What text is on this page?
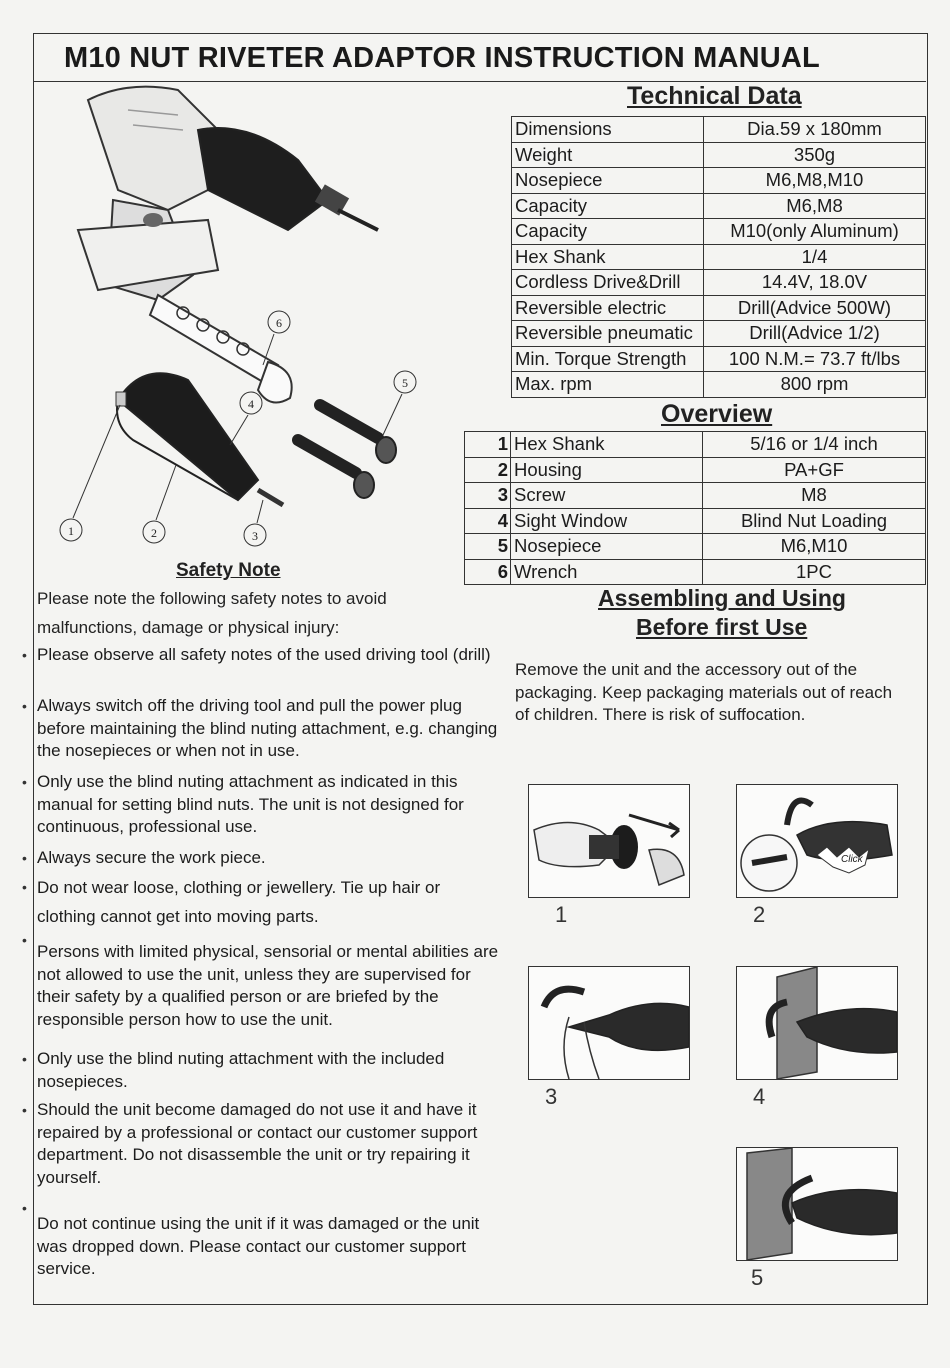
M10 NUT RIVETER ADAPTOR INSTRUCTION MANUAL
Technical Data
Dimensions	Dia.59 x 180mm
Weight	350g
Nosepiece	M6,M8,M10
Capacity	M6,M8
Capacity	M10(only Aluminum)
Hex Shank	1/4
Cordless Drive&Drill	14.4V, 18.0V
Reversible electric	Drill(Advice 500W)
Reversible pneumatic	Drill(Advice 1/2)
Min. Torque Strength	100 N.M.= 73.7 ft/lbs
Max. rpm	800 rpm
Overview
1	Hex Shank	5/16 or 1/4 inch
2	Housing	PA+GF
3	Screw	M8
4	Sight Window	Blind Nut Loading
5	Nosepiece	M6,M10
6	Wrench	1PC
Assembling and Using
Before first Use
Remove the unit and the accessory out of the packaging. Keep packaging materials out of reach of children. There is risk of suffocation.
1	2	3
4
5
6
Safety Note
Please note the following safety notes to avoid malfunctions, damage or physical injury:
• Please observe all safety notes of the used driving tool (drill)
• Always switch off the driving tool and pull the power plug before maintaining the blind nuting attachment, e.g. changing the nosepieces or when not in use.
• Only use the blind nuting attachment as indicated in this manual for setting blind nuts. The unit is not designed for continuous, professional use.
• Always secure the work piece.
• Do not wear loose, clothing or jewellery. Tie up hair or clothing cannot get into moving parts.
•
Persons with limited physical, sensorial or mental abilities are not allowed to use the unit, unless they are supervised for their safety by a qualified person or are briefed by the responsible person how to use the unit.
• Only use the blind nuting attachment with the included nosepieces.
• Should the unit become damaged do not use it and have it repaired by a professional or contact our customer support department. Do not disassemble the unit or try repairing it yourself.
•
Do not continue using the unit if it was damaged or the unit was dropped down. Please contact our customer support service.
Click
1	2
3	4
5
